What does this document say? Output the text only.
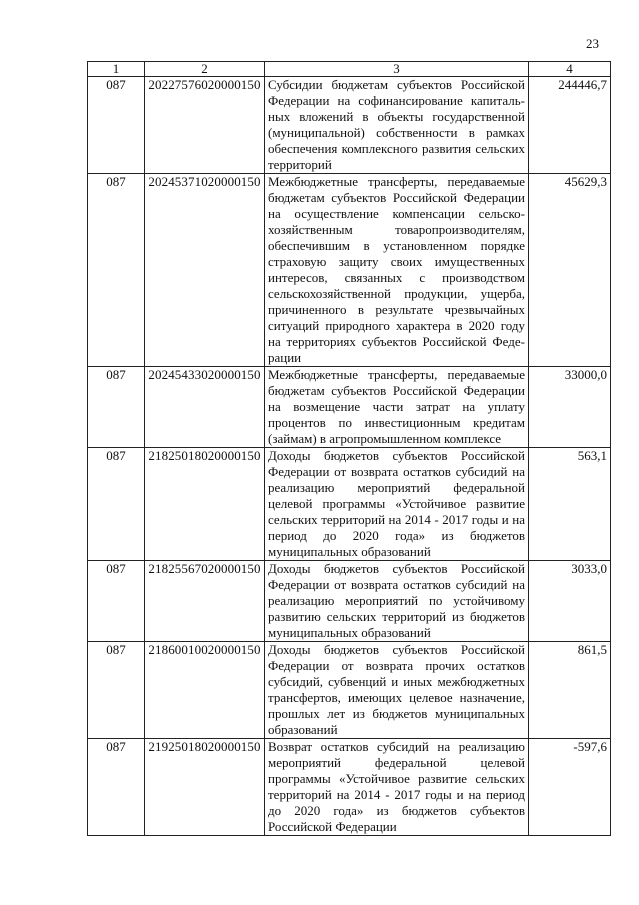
23
1	2	3	4
087	20227576020000150	Субсидии бюджетам субъектов Российской Федерации на софинансирование капитальных вложений в объекты государственной (муниципальной) собственности в рамках обеспечения комплексного развития сельских территорий	244446,7
087	20245371020000150	Межбюджетные трансферты, передаваемые бюджетам субъектов Российской Федерации на осуществление компенсации сельскохозяйственным товаропроизводителям, обеспечившим в установленном порядке страховую защиту своих имущественных интересов, связанных с производством сельскохозяйственной продукции, ущерба, причиненного в результате чрезвычайных ситуаций природного характера в 2020 году на территориях субъектов Российской Федерации	45629,3
087	20245433020000150	Межбюджетные трансферты, передаваемые бюджетам субъектов Российской Федерации на возмещение части затрат на уплату процентов по инвестиционным кредитам (займам) в агропромышленном комплексе	33000,0
087	21825018020000150	Доходы бюджетов субъектов Российской Федерации от возврата остатков субсидий на реализацию мероприятий федеральной целевой программы «Устойчивое развитие сельских территорий на 2014 - 2017 годы и на период до 2020 года» из бюджетов муниципальных образований	563,1
087	21825567020000150	Доходы бюджетов субъектов Российской Федерации от возврата остатков субсидий на реализацию мероприятий по устойчивому развитию сельских территорий из бюджетов муниципальных образований	3033,0
087	21860010020000150	Доходы бюджетов субъектов Российской Федерации от возврата прочих остатков субсидий, субвенций и иных межбюджетных трансфертов, имеющих целевое назначение, прошлых лет из бюджетов муниципальных образований	861,5
087	21925018020000150	Возврат остатков субсидий на реализацию мероприятий федеральной целевой программы «Устойчивое развитие сельских территорий на 2014 - 2017 годы и на период до 2020 года» из бюджетов субъектов Российской Федерации	-597,6
